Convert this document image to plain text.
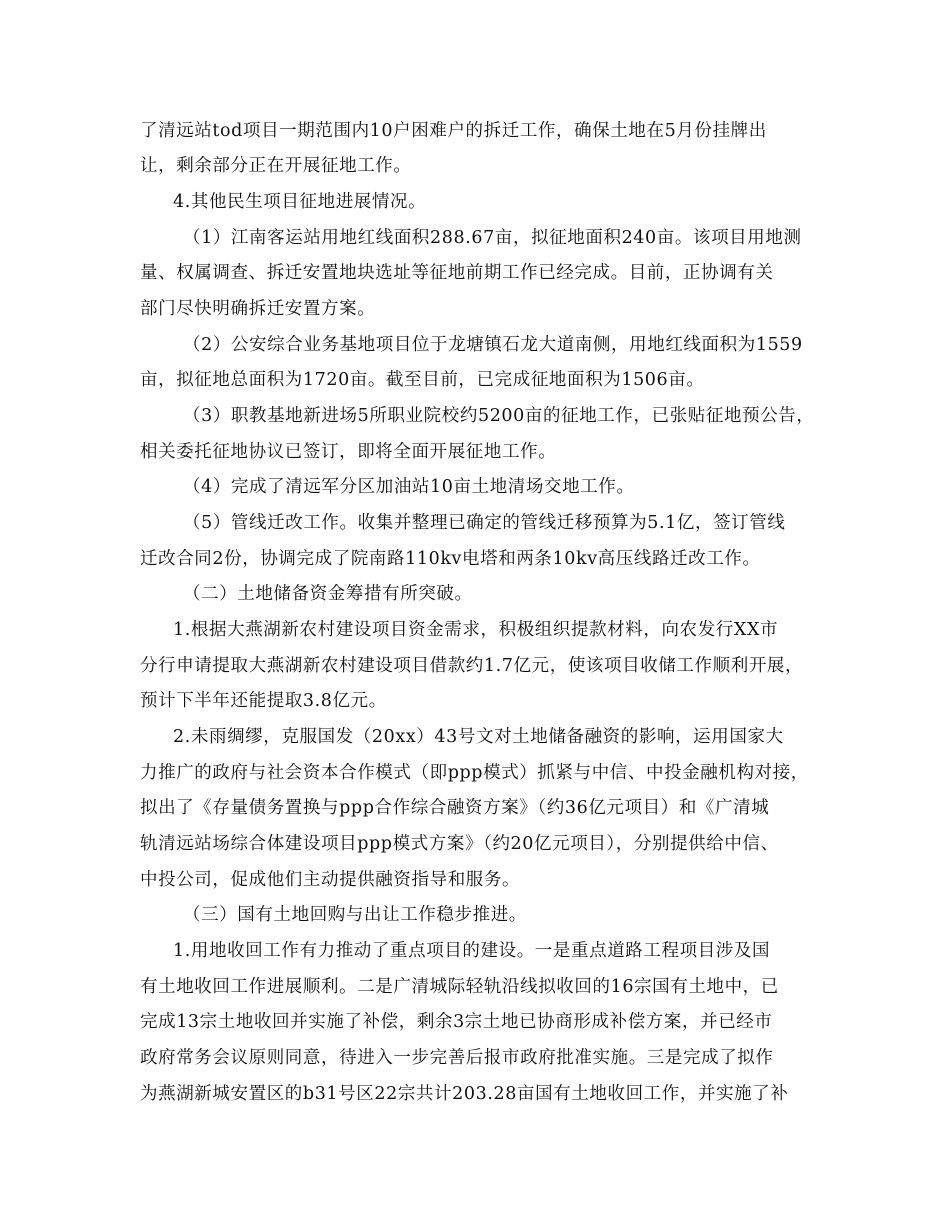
了清远站tod项目一期范围内10户困难户的拆迁工作，确保土地在5月份挂牌出
让，剩余部分正在开展征地工作。
4.其他民生项目征地进展情况。
（1）江南客运站用地红线面积288.67亩，拟征地面积240亩。该项目用地测
量、权属调查、拆迁安置地块选址等征地前期工作已经完成。目前，正协调有关
部门尽快明确拆迁安置方案。
（2）公安综合业务基地项目位于龙塘镇石龙大道南侧，用地红线面积为1559
亩，拟征地总面积为1720亩。截至目前，已完成征地面积为1506亩。
（3）职教基地新进场5所职业院校约5200亩的征地工作，已张贴征地预公告，
相关委托征地协议已签订，即将全面开展征地工作。
（4）完成了清远军分区加油站10亩土地清场交地工作。
（5）管线迁改工作。收集并整理已确定的管线迁移预算为5.1亿，签订管线
迁改合同2份，协调完成了院南路110kv电塔和两条10kv高压线路迁改工作。
（二）土地储备资金筹措有所突破。
1.根据大燕湖新农村建设项目资金需求，积极组织提款材料，向农发行XX市
分行申请提取大燕湖新农村建设项目借款约1.7亿元，使该项目收储工作顺利开展，
预计下半年还能提取3.8亿元。
2.未雨绸缪，克服国发（20xx）43号文对土地储备融资的影响，运用国家大
力推广的政府与社会资本合作模式（即ppp模式）抓紧与中信、中投金融机构对接，
拟出了《存量债务置换与ppp合作综合融资方案》（约36亿元项目）和《广清城
轨清远站场综合体建设项目ppp模式方案》（约20亿元项目），分别提供给中信、
中投公司，促成他们主动提供融资指导和服务。
（三）国有土地回购与出让工作稳步推进。
1.用地收回工作有力推动了重点项目的建设。一是重点道路工程项目涉及国
有土地收回工作进展顺利。二是广清城际轻轨沿线拟收回的16宗国有土地中，已
完成13宗土地收回并实施了补偿，剩余3宗土地已协商形成补偿方案，并已经市
政府常务会议原则同意，待进入一步完善后报市政府批准实施。三是完成了拟作
为燕湖新城安置区的b31号区22宗共计203.28亩国有土地收回工作，并实施了补
